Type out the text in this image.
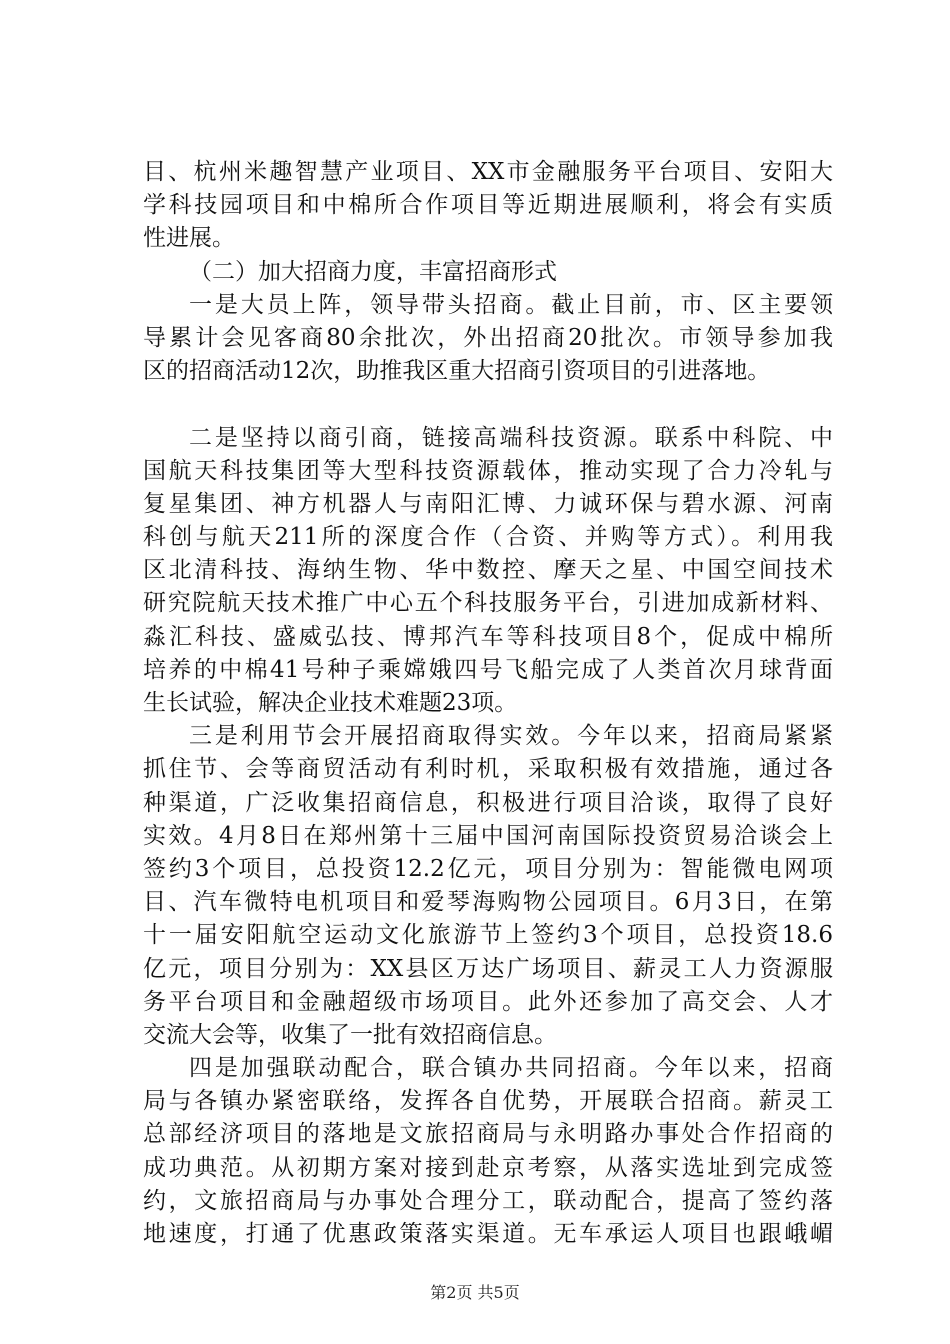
目、杭州米趣智慧产业项目、XX市金融服务平台项目、安阳大
学科技园项目和中棉所合作项目等近期进展顺利，将会有实质
性进展。
（二）加大招商力度，丰富招商形式
一是大员上阵，领导带头招商。截止目前，市、区主要领
导累计会见客商80余批次，外出招商20批次。市领导参加我
区的招商活动12次，助推我区重大招商引资项目的引进落地。
二是坚持以商引商，链接高端科技资源。联系中科院、中
国航天科技集团等大型科技资源载体，推动实现了合力冷轧与
复星集团、神方机器人与南阳汇博、力诚环保与碧水源、河南
科创与航天211所的深度合作（合资、并购等方式）。利用我
区北清科技、海纳生物、华中数控、摩天之星、中国空间技术
研究院航天技术推广中心五个科技服务平台，引进加成新材料、
淼汇科技、盛威弘技、博邦汽车等科技项目8个，促成中棉所
培养的中棉41号种子乘嫦娥四号飞船完成了人类首次月球背面
生长试验，解决企业技术难题23项。
三是利用节会开展招商取得实效。今年以来，招商局紧紧
抓住节、会等商贸活动有利时机，采取积极有效措施，通过各
种渠道，广泛收集招商信息，积极进行项目洽谈，取得了良好
实效。4月8日在郑州第十三届中国河南国际投资贸易洽谈会上
签约3个项目，总投资12.2亿元，项目分别为：智能微电网项
目、汽车微特电机项目和爱琴海购物公园项目。6月3日，在第
十一届安阳航空运动文化旅游节上签约3个项目，总投资18.6
亿元，项目分别为：XX县区万达广场项目、薪灵工人力资源服
务平台项目和金融超级市场项目。此外还参加了高交会、人才
交流大会等，收集了一批有效招商信息。
四是加强联动配合，联合镇办共同招商。今年以来，招商
局与各镇办紧密联络，发挥各自优势，开展联合招商。薪灵工
总部经济项目的落地是文旅招商局与永明路办事处合作招商的
成功典范。从初期方案对接到赴京考察，从落实选址到完成签
约，文旅招商局与办事处合理分工，联动配合，提高了签约落
地速度，打通了优惠政策落实渠道。无车承运人项目也跟峨嵋
第2页 共5页
